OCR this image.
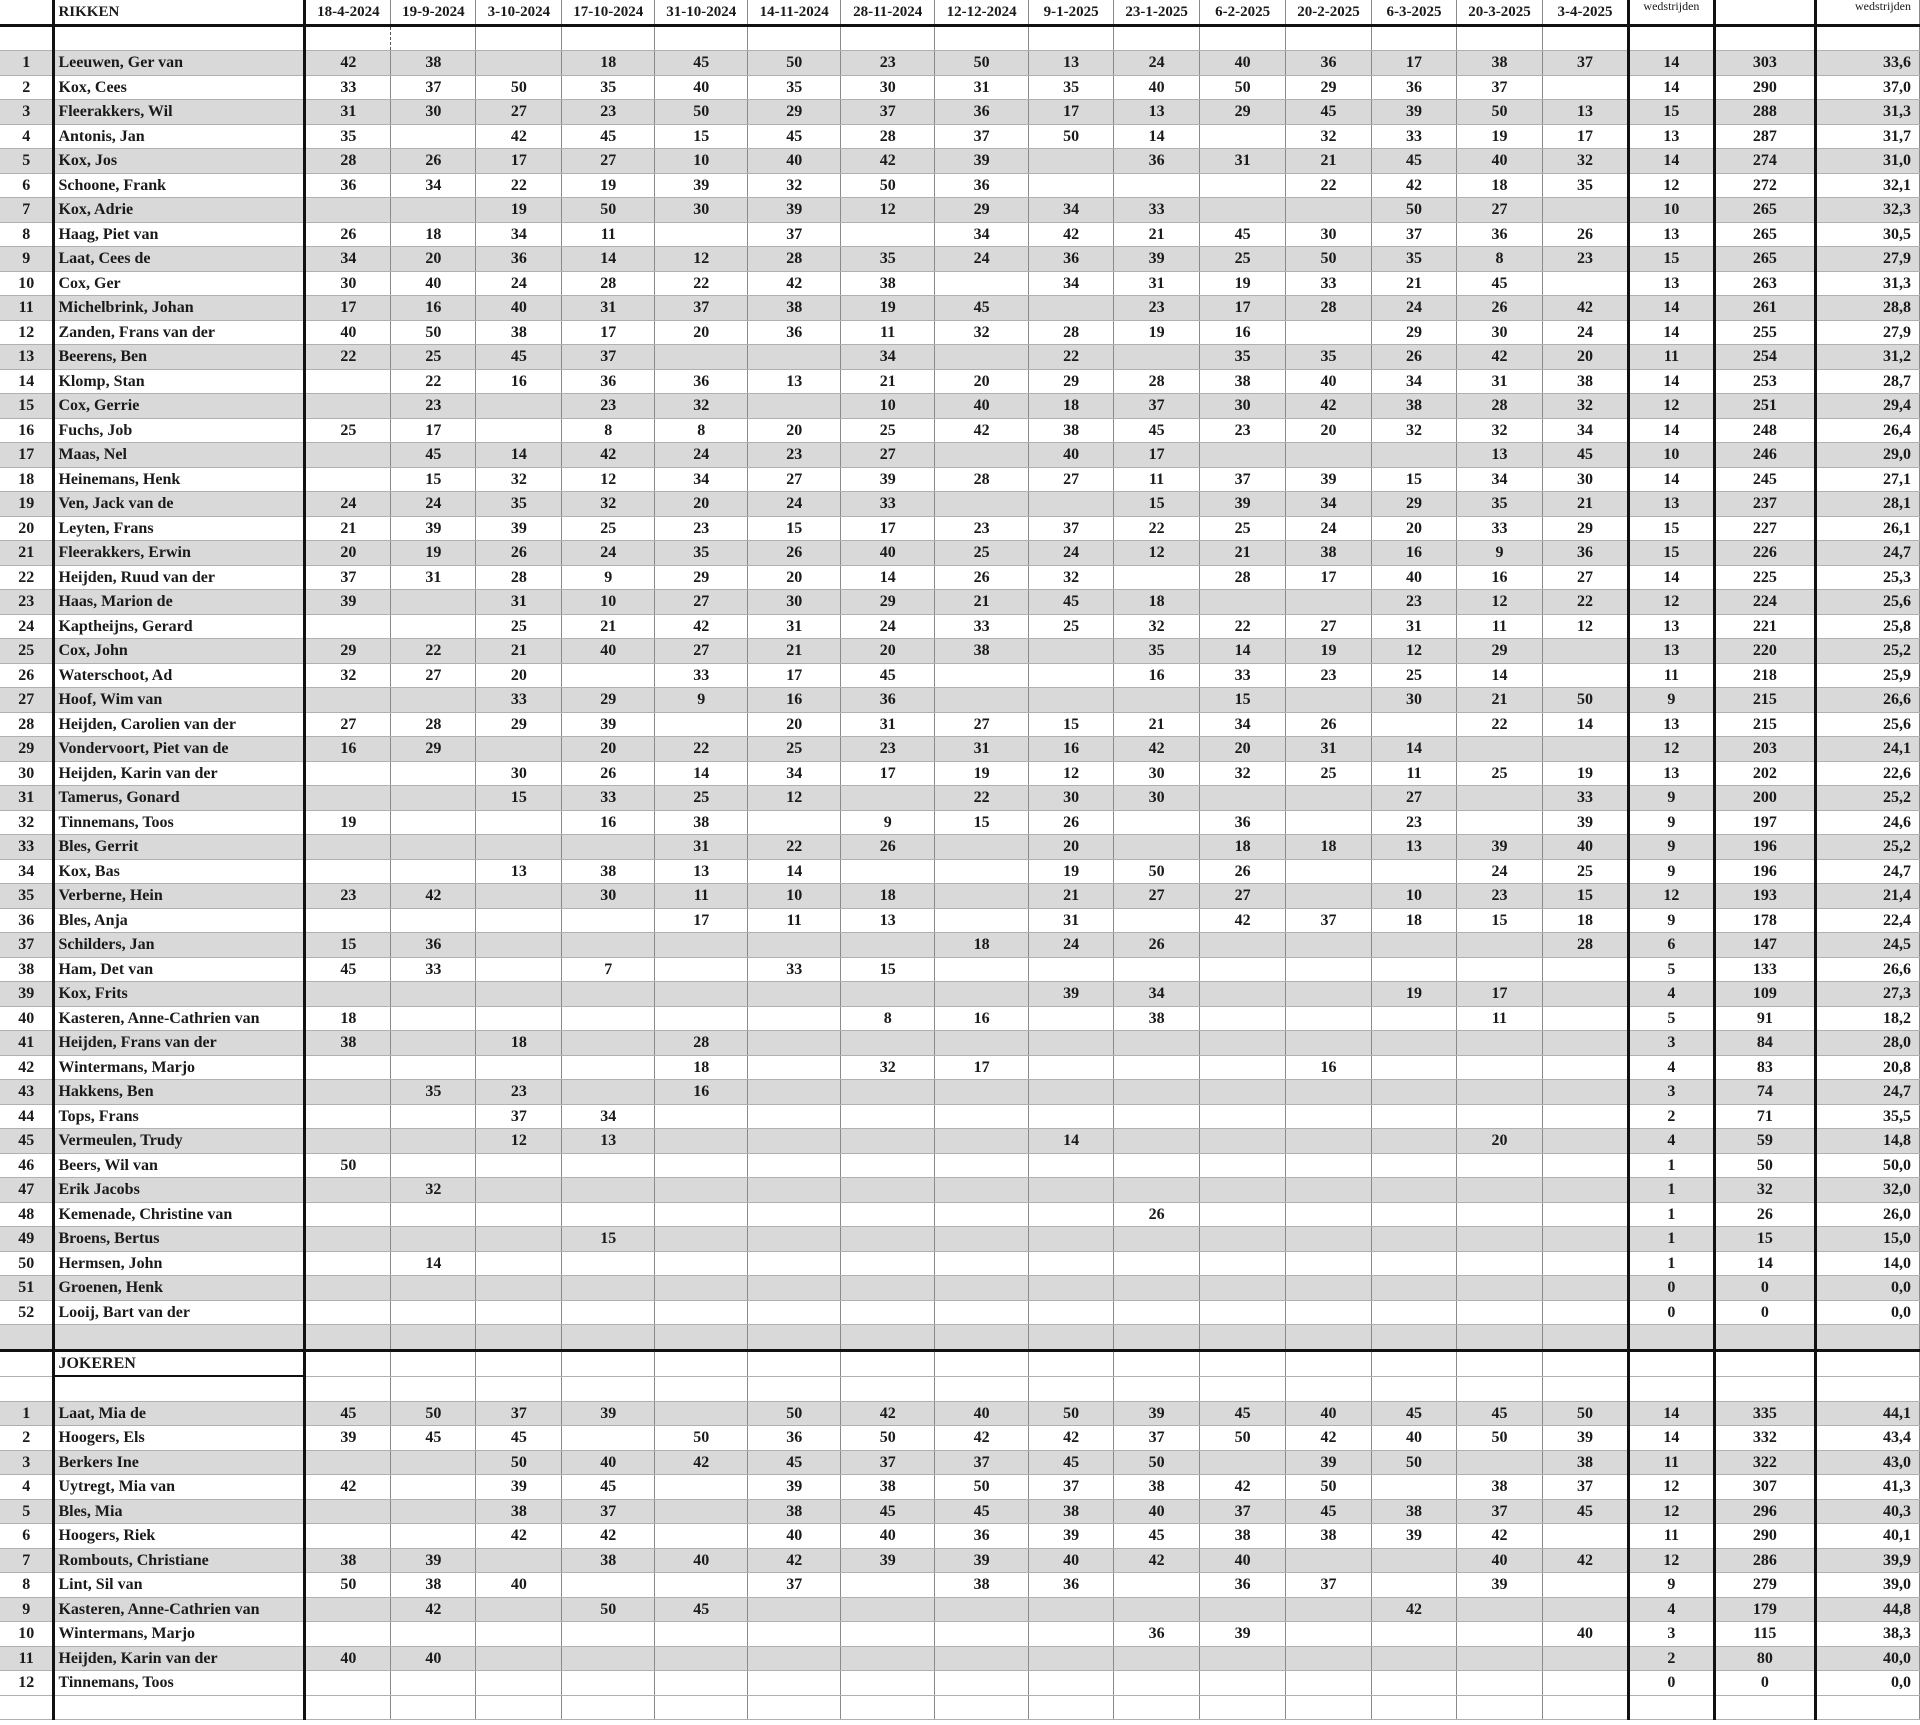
	RIKKEN	18-4-2024	19-9-2024	3-10-2024	17-10-2024	31-10-2024	14-11-2024	28-11-2024	12-12-2024	9-1-2025	23-1-2025	6-2-2025	20-2-2025	6-3-2025	20-3-2025	3-4-2025	wedstrijden		wedstrijden

1	Leeuwen, Ger van	42	38		18	45	50	23	50	13	24	40	36	17	38	37	14	303	33,6
2	Kox, Cees	33	37	50	35	40	35	30	31	35	40	50	29	36	37		14	290	37,0
3	Fleerakkers, Wil	31	30	27	23	50	29	37	36	17	13	29	45	39	50	13	15	288	31,3
4	Antonis, Jan	35		42	45	15	45	28	37	50	14		32	33	19	17	13	287	31,7
5	Kox, Jos	28	26	17	27	10	40	42	39		36	31	21	45	40	32	14	274	31,0
6	Schoone, Frank	36	34	22	19	39	32	50	36				22	42	18	35	12	272	32,1
7	Kox, Adrie			19	50	30	39	12	29	34	33			50	27		10	265	32,3
8	Haag, Piet van	26	18	34	11		37		34	42	21	45	30	37	36	26	13	265	30,5
9	Laat, Cees de	34	20	36	14	12	28	35	24	36	39	25	50	35	8	23	15	265	27,9
10	Cox, Ger	30	40	24	28	22	42	38		34	31	19	33	21	45		13	263	31,3
11	Michelbrink, Johan	17	16	40	31	37	38	19	45		23	17	28	24	26	42	14	261	28,8
12	Zanden, Frans van der	40	50	38	17	20	36	11	32	28	19	16		29	30	24	14	255	27,9
13	Beerens, Ben	22	25	45	37			34		22		35	35	26	42	20	11	254	31,2
14	Klomp, Stan		22	16	36	36	13	21	20	29	28	38	40	34	31	38	14	253	28,7
15	Cox, Gerrie		23		23	32		10	40	18	37	30	42	38	28	32	12	251	29,4
16	Fuchs, Job	25	17		8	8	20	25	42	38	45	23	20	32	32	34	14	248	26,4
17	Maas, Nel		45	14	42	24	23	27		40	17				13	45	10	246	29,0
18	Heinemans, Henk		15	32	12	34	27	39	28	27	11	37	39	15	34	30	14	245	27,1
19	Ven, Jack van de	24	24	35	32	20	24	33			15	39	34	29	35	21	13	237	28,1
20	Leyten, Frans	21	39	39	25	23	15	17	23	37	22	25	24	20	33	29	15	227	26,1
21	Fleerakkers, Erwin	20	19	26	24	35	26	40	25	24	12	21	38	16	9	36	15	226	24,7
22	Heijden, Ruud van der	37	31	28	9	29	20	14	26	32		28	17	40	16	27	14	225	25,3
23	Haas, Marion de	39		31	10	27	30	29	21	45	18			23	12	22	12	224	25,6
24	Kaptheijns, Gerard			25	21	42	31	24	33	25	32	22	27	31	11	12	13	221	25,8
25	Cox, John	29	22	21	40	27	21	20	38		35	14	19	12	29		13	220	25,2
26	Waterschoot, Ad	32	27	20		33	17	45			16	33	23	25	14		11	218	25,9
27	Hoof, Wim van			33	29	9	16	36				15		30	21	50	9	215	26,6
28	Heijden, Carolien van der	27	28	29	39		20	31	27	15	21	34	26		22	14	13	215	25,6
29	Vondervoort, Piet van de	16	29		20	22	25	23	31	16	42	20	31	14			12	203	24,1
30	Heijden, Karin van der			30	26	14	34	17	19	12	30	32	25	11	25	19	13	202	22,6
31	Tamerus, Gonard			15	33	25	12		22	30	30			27		33	9	200	25,2
32	Tinnemans, Toos	19			16	38		9	15	26		36		23		39	9	197	24,6
33	Bles, Gerrit					31	22	26		20		18	18	13	39	40	9	196	25,2
34	Kox, Bas			13	38	13	14			19	50	26			24	25	9	196	24,7
35	Verberne, Hein	23	42		30	11	10	18		21	27	27		10	23	15	12	193	21,4
36	Bles, Anja					17	11	13		31		42	37	18	15	18	9	178	22,4
37	Schilders, Jan	15	36						18	24	26					28	6	147	24,5
38	Ham, Det van	45	33		7		33	15									5	133	26,6
39	Kox, Frits									39	34			19	17		4	109	27,3
40	Kasteren, Anne-Cathrien van	18						8	16		38				11		5	91	18,2
41	Heijden, Frans van der	38		18		28											3	84	28,0
42	Wintermans, Marjo					18		32	17				16				4	83	20,8
43	Hakkens, Ben		35	23		16											3	74	24,7
44	Tops, Frans			37	34												2	71	35,5
45	Vermeulen, Trudy			12	13					14					20		4	59	14,8
46	Beers, Wil van	50															1	50	50,0
47	Erik Jacobs		32														1	32	32,0
48	Kemenade, Christine van										26						1	26	26,0
49	Broens, Bertus				15												1	15	15,0
50	Hermsen, John		14														1	14	14,0
51	Groenen, Henk																0	0	0,0
52	Looij, Bart van der																0	0	0,0

	JOKEREN																		

1	Laat, Mia de	45	50	37	39		50	42	40	50	39	45	40	45	45	50	14	335	44,1
2	Hoogers, Els	39	45	45		50	36	50	42	42	37	50	42	40	50	39	14	332	43,4
3	Berkers Ine			50	40	42	45	37	37	45	50		39	50		38	11	322	43,0
4	Uytregt, Mia van	42		39	45		39	38	50	37	38	42	50		38	37	12	307	41,3
5	Bles, Mia			38	37		38	45	45	38	40	37	45	38	37	45	12	296	40,3
6	Hoogers, Riek			42	42		40	40	36	39	45	38	38	39	42		11	290	40,1
7	Rombouts, Christiane	38	39		38	40	42	39	39	40	42	40			40	42	12	286	39,9
8	Lint, Sil van	50	38	40			37		38	36		36	37		39		9	279	39,0
9	Kasteren, Anne-Cathrien van		42		50	45								42			4	179	44,8
10	Wintermans, Marjo										36	39				40	3	115	38,3
11	Heijden, Karin van der	40	40														2	80	40,0
12	Tinnemans, Toos																0	0	0,0
